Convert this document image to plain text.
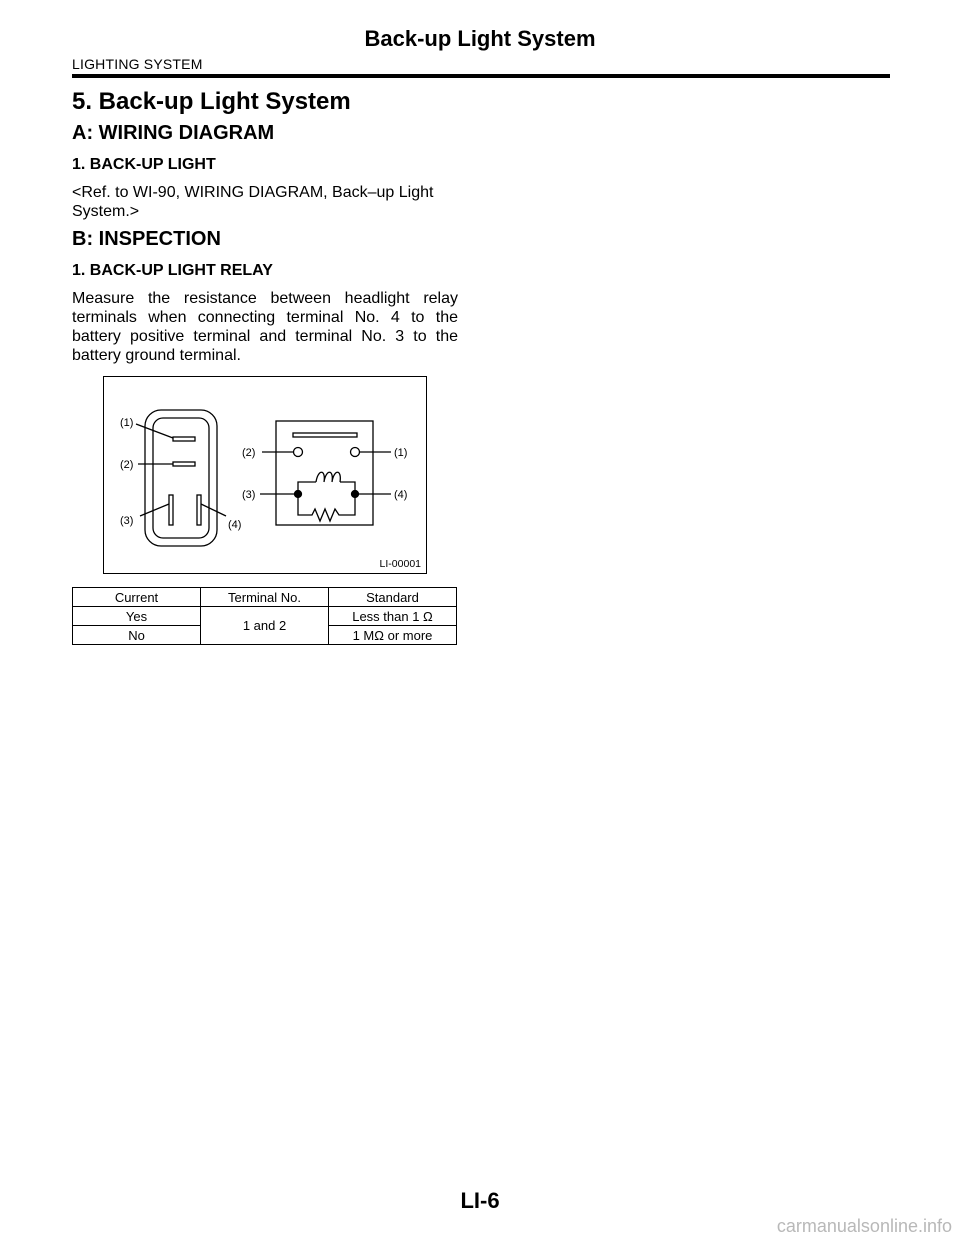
Back-up Light System
LIGHTING SYSTEM
5. Back-up Light System
A: WIRING DIAGRAM
1. BACK-UP LIGHT
<Ref. to WI-90, WIRING DIAGRAM, Back–up Light System.>
B: INSPECTION
1. BACK-UP LIGHT RELAY
Measure the resistance between headlight relay terminals when connecting terminal No. 4 to the battery positive terminal and terminal No. 3 to the battery ground terminal.
(1)
(2)
(3)	(4)
(2)	(1)
(3)	(4)
LI-00001
Current	Terminal No.	Standard
Yes	1 and 2	Less than 1 Ω
No		1 MΩ or more
LI-6
carmanualsonline.info
